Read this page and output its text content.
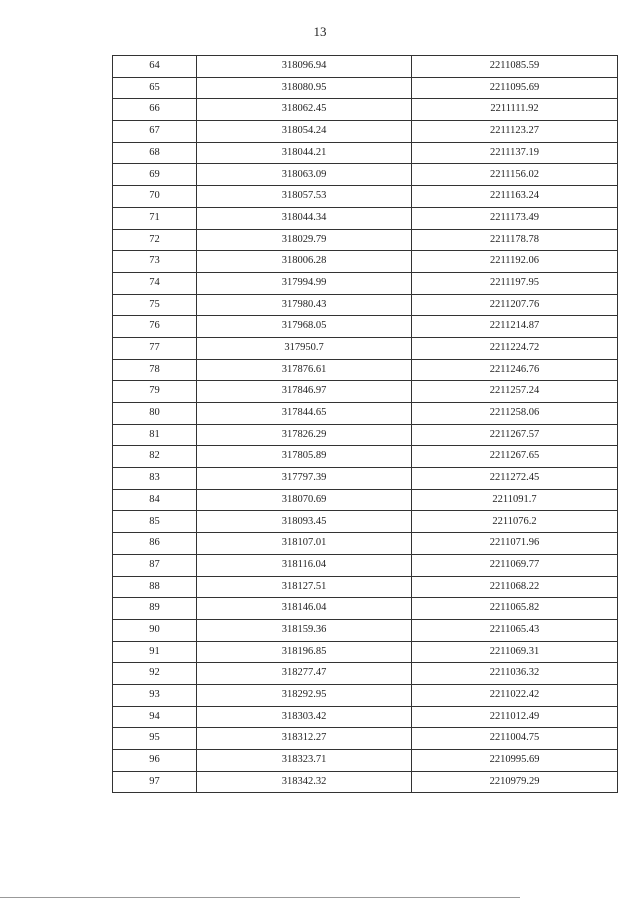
13
64	318096.94	2211085.59
65	318080.95	2211095.69
66	318062.45	2211111.92
67	318054.24	2211123.27
68	318044.21	2211137.19
69	318063.09	2211156.02
70	318057.53	2211163.24
71	318044.34	2211173.49
72	318029.79	2211178.78
73	318006.28	2211192.06
74	317994.99	2211197.95
75	317980.43	2211207.76
76	317968.05	2211214.87
77	317950.7	2211224.72
78	317876.61	2211246.76
79	317846.97	2211257.24
80	317844.65	2211258.06
81	317826.29	2211267.57
82	317805.89	2211267.65
83	317797.39	2211272.45
84	318070.69	2211091.7
85	318093.45	2211076.2
86	318107.01	2211071.96
87	318116.04	2211069.77
88	318127.51	2211068.22
89	318146.04	2211065.82
90	318159.36	2211065.43
91	318196.85	2211069.31
92	318277.47	2211036.32
93	318292.95	2211022.42
94	318303.42	2211012.49
95	318312.27	2211004.75
96	318323.71	2210995.69
97	318342.32	2210979.29
